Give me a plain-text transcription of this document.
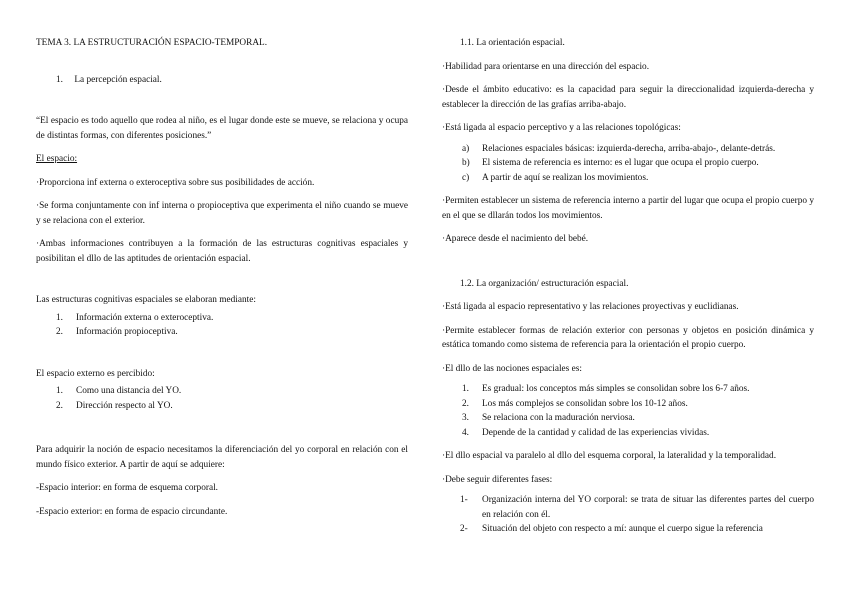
TEMA 3. LA ESTRUCTURACIÓN ESPACIO-TEMPORAL.

1. La percepción espacial.

“El espacio es todo aquello que rodea al niño, es el lugar donde este se mueve, se relaciona y ocupa de distintas formas, con diferentes posiciones.”

El espacio:

·Proporciona inf externa o exteroceptiva sobre sus posibilidades de acción.

·Se forma conjuntamente con inf interna o propioceptiva que experimenta el niño cuando se mueve y se relaciona con el exterior.

·Ambas informaciones contribuyen a la formación de las estructuras cognitivas espaciales y posibilitan el dllo de las aptitudes de orientación espacial.

Las estructuras cognitivas espaciales se elaboran mediante:

1.	Información externa o exteroceptiva.
2.	Información propioceptiva.

El espacio externo es percibido:

1.	Como una distancia del YO.
2.	Dirección respecto al YO.

Para adquirir la noción de espacio necesitamos la diferenciación del yo corporal en relación con el mundo físico exterior. A partir de aquí se adquiere:

-Espacio interior: en forma de esquema corporal.

-Espacio exterior: en forma de espacio circundante.

1.1. La orientación espacial.

·Habilidad para orientarse en una dirección del espacio.

·Desde el ámbito educativo: es la capacidad para seguir la direccionalidad izquierda-derecha y establecer la dirección de las grafías arriba-abajo.

·Está ligada al espacio perceptivo y a las relaciones topológicas:

a)	Relaciones espaciales básicas: izquierda-derecha, arriba-abajo-, delante-detrás.
b)	El sistema de referencia es interno: es el lugar que ocupa el propio cuerpo.
c)	A partir de aquí se realizan los movimientos.

·Permiten establecer un sistema de referencia interno a partir del lugar que ocupa el propio cuerpo y en el que se dllarán todos los movimientos.

·Aparece desde el nacimiento del bebé.

1.2. La organización/ estructuración espacial.

·Está ligada al espacio representativo y las relaciones proyectivas y euclidianas.

·Permite establecer formas de relación exterior con personas y objetos en posición dinámica y estática tomando como sistema de referencia para la orientación el propio cuerpo.

·El dllo de las nociones espaciales es:

1.	Es gradual: los conceptos más simples se consolidan sobre los 6-7 años.
2.	Los más complejos se consolidan sobre los 10-12 años.
3.	Se relaciona con la maduración nerviosa.
4.	Depende de la cantidad y calidad de las experiencias vividas.

·El dllo espacial va paralelo al dllo del esquema corporal, la lateralidad y la temporalidad.

·Debe seguir diferentes fases:

1-	Organización interna del YO corporal: se trata de situar las diferentes partes del cuerpo en relación con él.
2-	Situación del objeto con respecto a mí: aunque el cuerpo sigue la referencia
